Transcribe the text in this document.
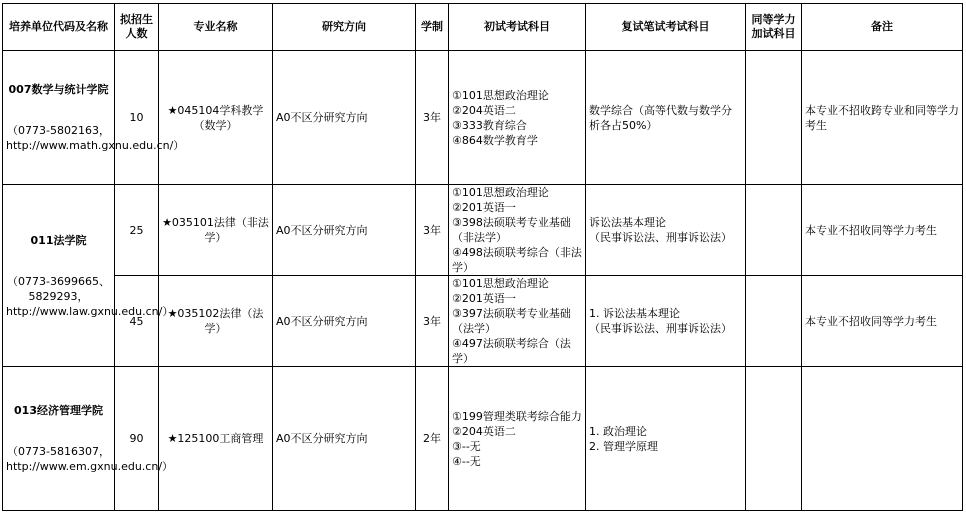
培养单位代码及名称	拟招生人数	专业名称	研究方向	学制	初试考试科目	复试笔试考试科目	同等学力加试科目	备注

007数学与统计学院
（0773-5802163，http://www.math.gxnu.edu.cn/）	10	★045104学科教学（数学）	A0不区分研究方向	3年	①101思想政治理论
②204英语二
③333教育综合
④864数学教育学	数学综合（高等代数与数学分析各占50%）		本专业不招收跨专业和同等学力考生

011法学院
（0773-3699665、5829293，http://www.law.gxnu.edu.cn/）	25	★035101法律（非法学）	A0不区分研究方向	3年	①101思想政治理论
②201英语一
③398法硕联考专业基础（非法学）
④498法硕联考综合（非法学）	诉讼法基本理论
（民事诉讼法、刑事诉讼法）		本专业不招收同等学力考生
	45	★035102法律（法学）	A0不区分研究方向	3年	①101思想政治理论
②201英语一
③397法硕联考专业基础（法学）
④497法硕联考综合（法学）	1. 诉讼法基本理论
（民事诉讼法、刑事诉讼法）		本专业不招收同等学力考生

013经济管理学院
（0773-5816307，http://www.em.gxnu.edu.cn/）	90	★125100工商管理	A0不区分研究方向	2年	①199管理类联考综合能力
②204英语二
③--无
④--无	1. 政治理论
2. 管理学原理		
